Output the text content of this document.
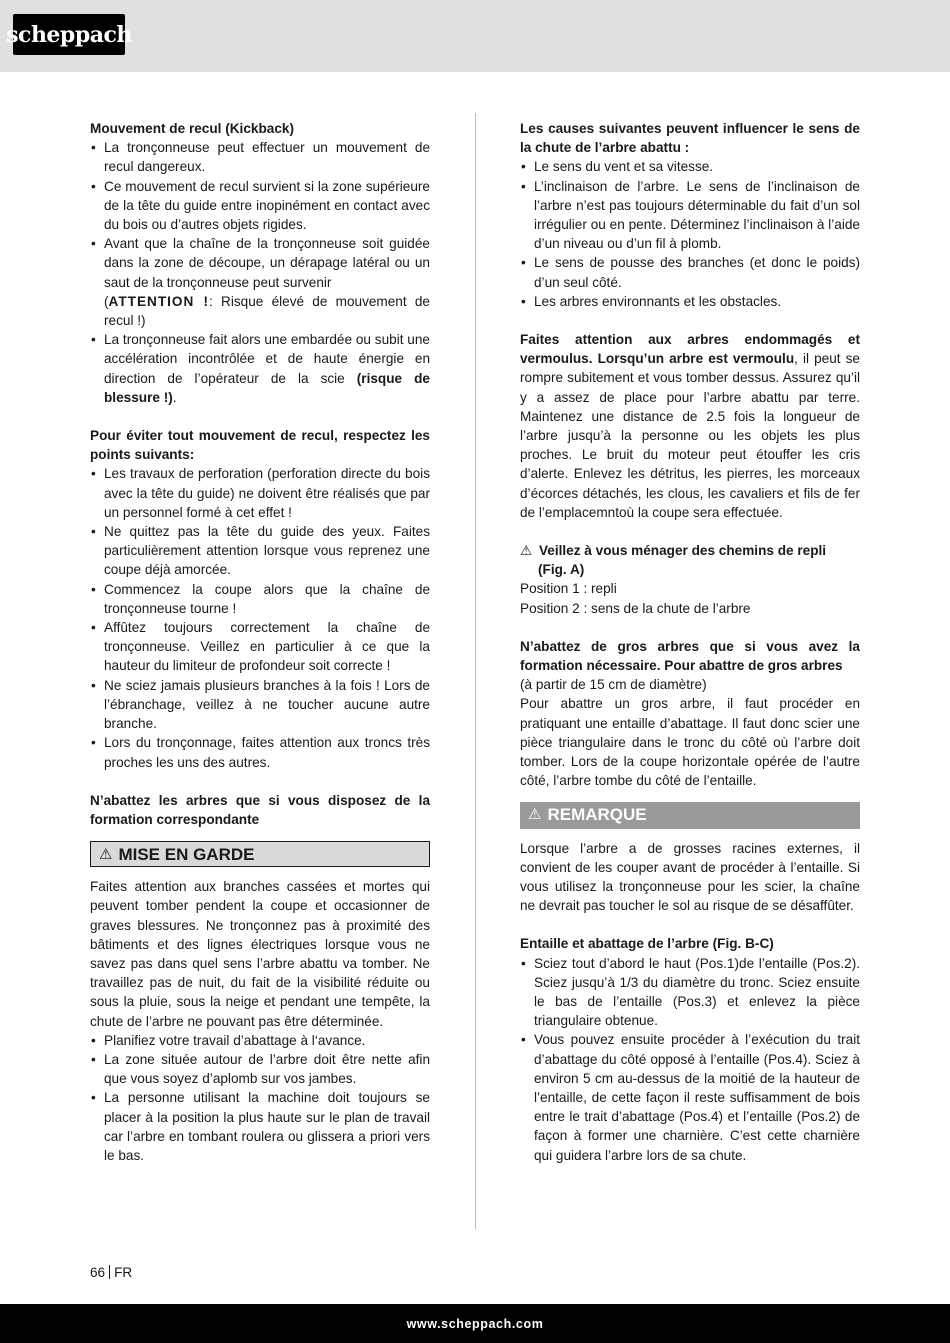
scheppach

Mouvement de recul (Kickback)

• La tronçonneuse peut effectuer un mouvement de recul dangereux.
• Ce mouvement de recul survient si la zone supérieure de la tête du guide entre inopinément en contact avec du bois ou d’autres objets rigides.
• Avant que la chaîne de la tronçonneuse soit guidée dans la zone de découpe, un dérapage latéral ou un saut de la tronçonneuse peut survenir
(ATTENTION !: Risque élevé de mouvement de recul !)
• La tronçonneuse fait alors une embardée ou subit une accélération incontrôlée et de haute énergie en direction de l’opérateur de la scie (risque de blessure !).

Pour éviter tout mouvement de recul, respectez les points suivants:

• Les travaux de perforation (perforation directe du bois avec la tête du guide) ne doivent être réalisés que par un personnel formé à cet effet !
• Ne quittez pas la tête du guide des yeux. Faites particulièrement attention lorsque vous reprenez une coupe déjà amorcée.
• Commencez la coupe alors que la chaîne de tronçonneuse tourne !
• Affûtez toujours correctement la chaîne de tronçonneuse. Veillez en particulier à ce que la hauteur du limiteur de profondeur soit correcte !
• Ne sciez jamais plusieurs branches à la fois ! Lors de l’ébranchage, veillez à ne toucher aucune autre branche.
• Lors du tronçonnage, faites attention aux troncs très proches les uns des autres.

N’abattez les arbres que si vous disposez de la formation correspondante

⚠ MISE EN GARDE

Faites attention aux branches cassées et mortes qui peuvent tomber pendent la coupe et occasionner de graves blessures. Ne tronçonnez pas à proximité des bâtiments et des lignes électriques lorsque vous ne savez pas dans quel sens l’arbre abattu va tomber. Ne travaillez pas de nuit, du fait de la visibilité réduite ou sous la pluie, sous la neige et pendant une tempête, la chute de l’arbre ne pouvant pas être déterminée.

• Planifiez votre travail d’abattage à l‘avance.
• La zone située autour de l’arbre doit être nette afin que vous soyez d’aplomb sur vos jambes.
• La personne utilisant la machine doit toujours se placer à la position la plus haute sur le plan de travail car l’arbre en tombant roulera ou glissera a priori vers le bas.

Les causes suivantes peuvent influencer le sens de la chute de l’arbre abattu :

• Le sens du vent et sa vitesse.
• L’inclinaison de l’arbre. Le sens de l’inclinaison de l’arbre n’est pas toujours déterminable du fait d’un sol irrégulier ou en pente. Déterminez l’inclinaison à l’aide d’un niveau ou d’un fil à plomb.
• Le sens de pousse des branches (et donc le poids) d’un seul côté.
• Les arbres environnants et les obstacles.

Faites attention aux arbres endommagés et vermoulus. Lorsqu’un arbre est vermoulu, il peut se rompre subitement et vous tomber dessus. Assurez qu’il y a assez de place pour l’arbre abattu par terre. Maintenez une distance de 2.5 fois la longueur de l’arbre jusqu’à la personne ou les objets les plus proches. Le bruit du moteur peut étouffer les cris d’alerte. Enlevez les détritus, les pierres, les morceaux d’écorces détachés, les clous, les cavaliers et fils de fer de l’emplacemntoù la coupe sera effectuée.

⚠ Veillez à vous ménager des chemins de repli

(Fig. A)

Position 1 : repli

Position 2 : sens de la chute de l’arbre

N’abattez de gros arbres que si vous avez la formation nécessaire. Pour abattre de gros arbres

(à partir de 15 cm de diamètre)

Pour abattre un gros arbre, il faut procéder en pratiquant une entaille d’abattage. Il faut donc scier une pièce triangulaire dans le tronc du côté où l’arbre doit tomber. Lors de la coupe horizontale opérée de l’autre côté, l’arbre tombe du côté de l’entaille.

⚠ REMARQUE

Lorsque l’arbre a de grosses racines externes, il convient de les couper avant de procéder à l’entaille. Si vous utilisez la tronçonneuse pour les scier, la chaîne ne devrait pas toucher le sol au risque de se désaffûter.

Entaille et abattage de l’arbre (Fig. B-C)

• Sciez tout d’abord le haut (Pos.1)de l’entaille (Pos.2). Sciez jusqu’à 1/3 du diamètre du tronc. Sciez ensuite le bas de l’entaille (Pos.3) et enlevez la pièce triangulaire obtenue.
• Vous pouvez ensuite procéder à l’exécution du trait d’abattage du côté opposé à l’entaille (Pos.4). Sciez à environ 5 cm au-dessus de la moitié de la hauteur de l’entaille, de cette façon il reste suffisamment de bois entre le trait d’abattage (Pos.4) et l’entaille (Pos.2) de façon à former une charnière. C’est cette charnière qui guidera l’arbre lors de sa chute.
66 FR
www.scheppach.com
